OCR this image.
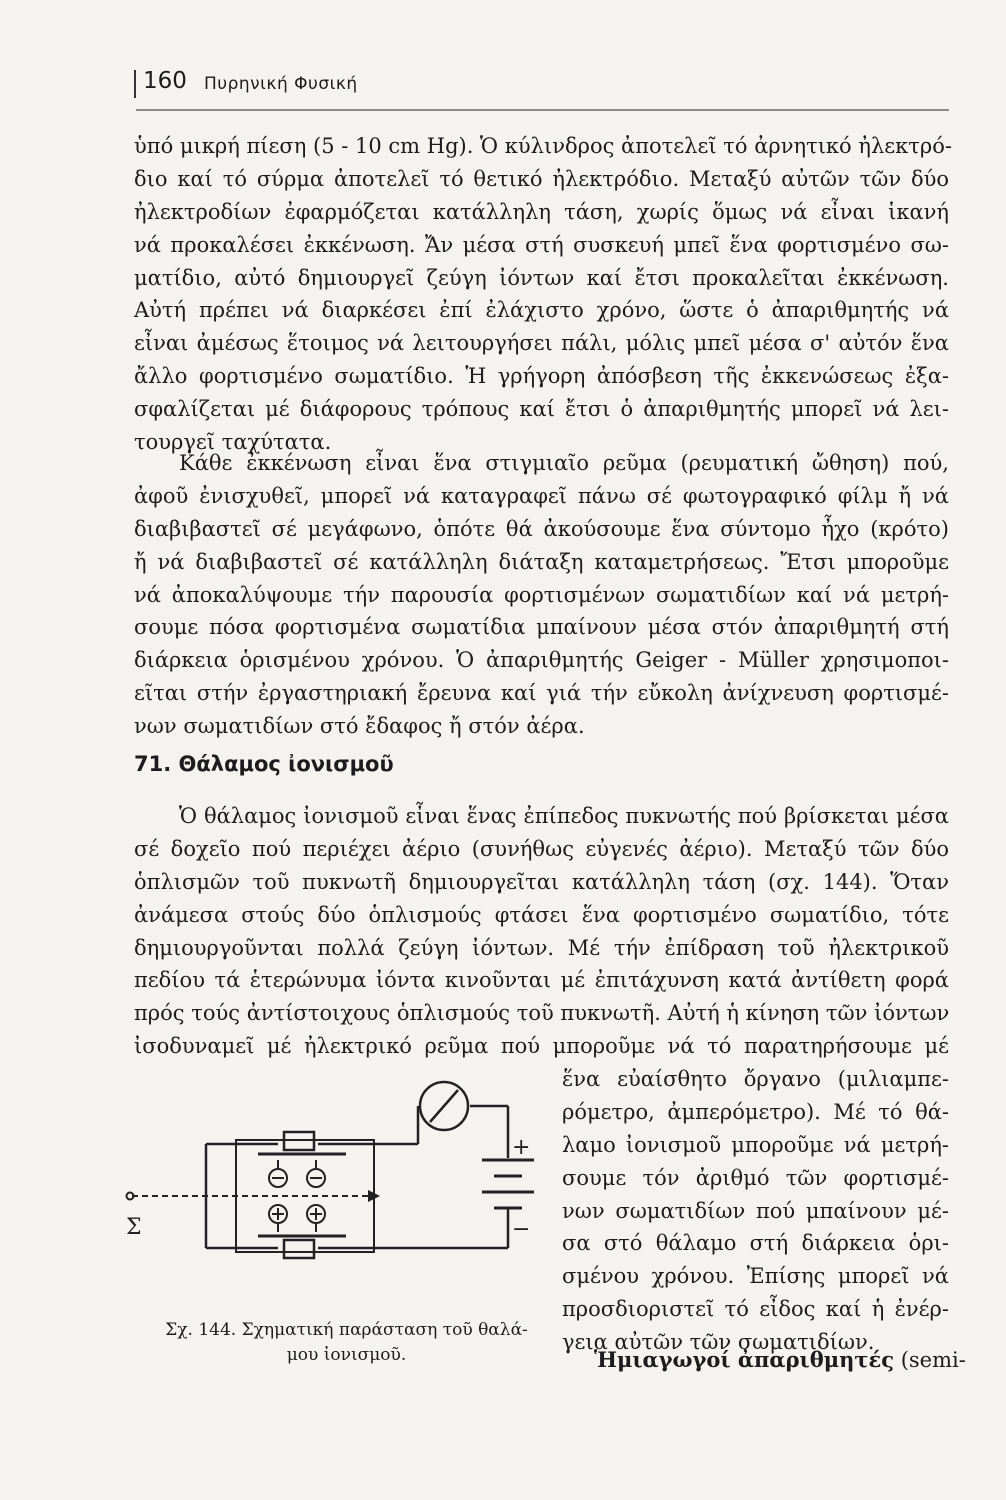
160 Πυρηνική Φυσική
ὑπό μικρή πίεση (5 - 10 cm Hg). Ὁ κύλινδρος ἀποτελεῖ τό ἀρνητικό ἠλεκτρό-
διο καί τό σύρμα ἀποτελεῖ τό θετικό ἠλεκτρόδιο. Μεταξύ αὐτῶν τῶν δύο
ἠλεκτροδίων ἐφαρμόζεται κατάλληλη τάση, χωρίς ὅμως νά εἶναι ἱκανή
νά προκαλέσει ἐκκένωση. Ἄν μέσα στή συσκευή μπεῖ ἕνα φορτισμένο σω-
ματίδιο, αὐτό δημιουργεῖ ζεύγη ἰόντων καί ἔτσι προκαλεῖται ἐκκένωση.
Αὐτή πρέπει νά διαρκέσει ἐπί ἐλάχιστο χρόνο, ὥστε ὁ ἀπαριθμητής νά
εἶναι ἀμέσως ἕτοιμος νά λειτουργήσει πάλι, μόλις μπεῖ μέσα σ' αὐτόν ἕνα
ἄλλο φορτισμένο σωματίδιο. Ἡ γρήγορη ἀπόσβεση τῆς ἐκκενώσεως ἐξα-
σφαλίζεται μέ διάφορους τρόπους καί ἔτσι ὁ ἀπαριθμητής μπορεῖ νά λει-
τουργεῖ ταχύτατα.
Κάθε ἐκκένωση εἶναι ἕνα στιγμιαῖο ρεῦμα (ρευματική ὤθηση) πού,
ἀφοῦ ἐνισχυθεῖ, μπορεῖ νά καταγραφεῖ πάνω σέ φωτογραφικό φίλμ ἤ νά
διαβιβαστεῖ σέ μεγάφωνο, ὁπότε θά ἀκούσουμε ἕνα σύντομο ἦχο (κρότο)
ἤ νά διαβιβαστεῖ σέ κατάλληλη διάταξη καταμετρήσεως. Ἔτσι μποροῦμε
νά ἀποκαλύψουμε τήν παρουσία φορτισμένων σωματιδίων καί νά μετρή-
σουμε πόσα φορτισμένα σωματίδια μπαίνουν μέσα στόν ἀπαριθμητή στή
διάρκεια ὁρισμένου χρόνου. Ὁ ἀπαριθμητής Geiger - Müller χρησιμοποι-
εῖται στήν ἐργαστηριακή ἔρευνα καί γιά τήν εὔκολη ἀνίχνευση φορτισμέ-
νων σωματιδίων στό ἔδαφος ἤ στόν ἀέρα.
71. Θάλαμος ἰονισμοῦ
Ὁ θάλαμος ἰονισμοῦ εἶναι ἕνας ἐπίπεδος πυκνωτής πού βρίσκεται μέσα
σέ δοχεῖο πού περιέχει ἀέριο (συνήθως εὐγενές ἀέριο). Μεταξύ τῶν δύο
ὁπλισμῶν τοῦ πυκνωτῆ δημιουργεῖται κατάλληλη τάση (σχ. 144). Ὅταν
ἀνάμεσα στούς δύο ὁπλισμούς φτάσει ἕνα φορτισμένο σωματίδιο, τότε
δημιουργοῦνται πολλά ζεύγη ἰόντων. Μέ τήν ἐπίδραση τοῦ ἠλεκτρικοῦ
πεδίου τά ἑτερώνυμα ἰόντα κινοῦνται μέ ἐπιτάχυνση κατά ἀντίθετη φορά
πρός τούς ἀντίστοιχους ὁπλισμούς τοῦ πυκνωτῆ. Αὐτή ἡ κίνηση τῶν ἰόντων
ἰσοδυναμεῖ μέ ἠλεκτρικό ρεῦμα πού μποροῦμε νά τό παρατηρήσουμε μέ
ἕνα εὐαίσθητο ὄργανο (μιλιαμπε-
ρόμετρο, ἀμπερόμετρο). Μέ τό θά-
λαμο ἰονισμοῦ μποροῦμε νά μετρή-
σουμε τόν ἀριθμό τῶν φορτισμέ-
νων σωματιδίων πού μπαίνουν μέ-
σα στό θάλαμο στή διάρκεια ὁρι-
σμένου χρόνου. Ἐπίσης μπορεῖ νά
προσδιοριστεῖ τό εἶδος καί ἡ ἐνέρ-
γεια αὐτῶν τῶν σωματιδίων.
Σ
+
−
Σχ. 144. Σχηματική παράσταση τοῦ θαλά-
μου ἰονισμοῦ.	Ἡμιαγωγοί ἀπαριθμητές (semi-
